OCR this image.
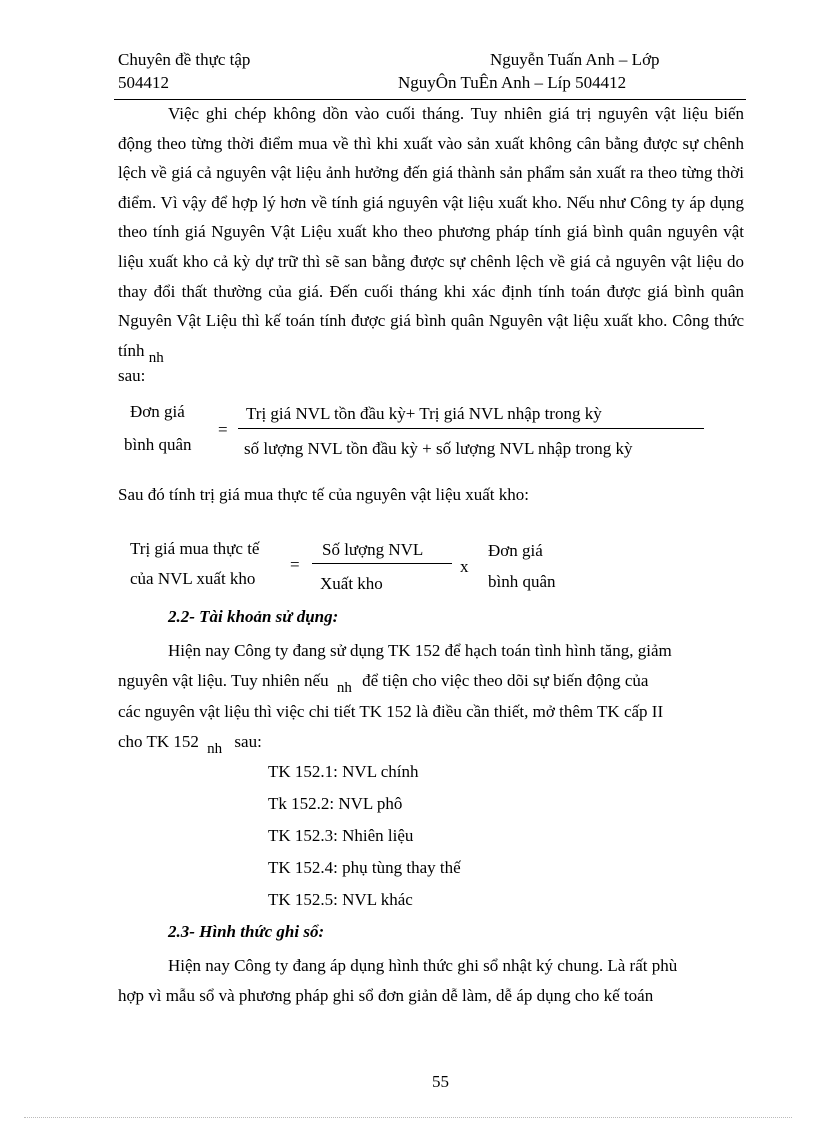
Chuyên đề thực tập
504412
Nguyễn Tuấn Anh – Lớp
NguyÔn TuÊn Anh – Líp 504412
Việc ghi chép không dồn vào cuối tháng. Tuy nhiên giá trị nguyên vật liệu biến động theo từng thời điểm mua về thì khi xuất vào sản xuất không cân bằng được sự chênh lệch về giá cả nguyên vật liệu ảnh hưởng đến giá thành sản phẩm sản xuất ra theo từng thời điểm. Vì vậy để hợp lý hơn về tính giá nguyên vật liệu xuất kho. Nếu như Công ty áp dụng theo tính giá Nguyên Vật Liệu xuất kho theo phương pháp tính giá bình quân nguyên vật liệu xuất kho cả kỳ dự trữ thì sẽ san bằng được sự chênh lệch về giá cả nguyên vật liệu do thay đổi thất thường của giá. Đến cuối tháng khi xác định tính toán được giá bình quân Nguyên Vật Liệu thì kế toán tính được giá bình quân Nguyên vật liệu xuất kho. Công thức tính nh
sau:
Đơn giá
bình quân
=
Trị giá NVL tồn đầu kỳ+ Trị giá NVL nhập trong kỳ
số lượng NVL tồn đầu kỳ + số lượng NVL nhập trong kỳ
Sau đó tính trị giá mua thực tế của nguyên vật liệu xuất kho:
Trị giá mua thực tế
của NVL xuất kho
=
Số lượng NVL
Xuất kho
x
Đơn giá
bình quân
2.2- Tài khoản sử dụng:
Hiện nay Công ty đang sử dụng TK 152 để hạch toán tình hình tăng, giảm
nguyên vật liệu. Tuy nhiên nếu nh để tiện cho việc theo dõi sự biến động của
các nguyên vật liệu thì việc chi tiết TK 152 là điều cần thiết, mở thêm TK cấp II
cho TK 152 nh sau:
TK 152.1: NVL chính
Tk 152.2: NVL phô
TK 152.3: Nhiên liệu
TK 152.4: phụ tùng thay thế
TK 152.5: NVL khác
2.3- Hình thức ghi sổ:
Hiện nay Công ty đang áp dụng hình thức ghi sổ nhật ký chung. Là rất phù
hợp vì mẫu sổ và phương pháp ghi sổ đơn giản dễ làm, dễ áp dụng cho kế toán
55
